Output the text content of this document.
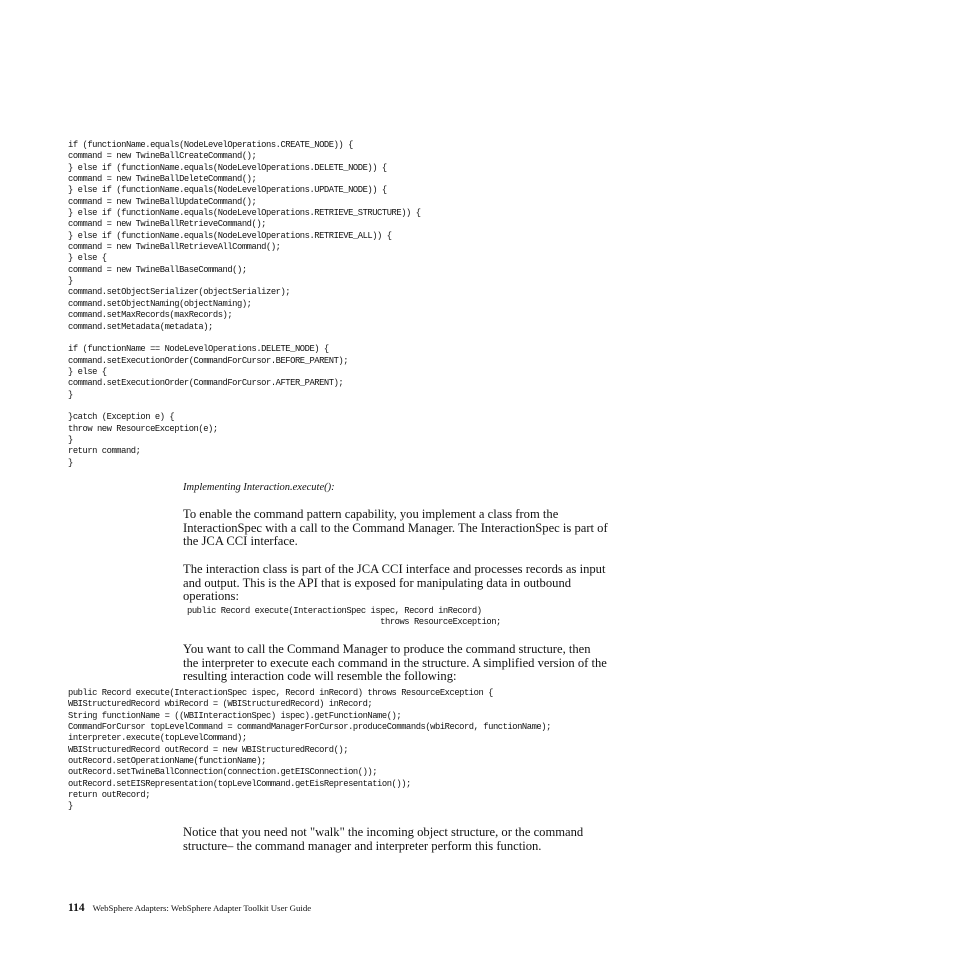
if (functionName.equals(NodeLevelOperations.CREATE_NODE)) {
command = new TwineBallCreateCommand();
} else if (functionName.equals(NodeLevelOperations.DELETE_NODE)) {
command = new TwineBallDeleteCommand();
} else if (functionName.equals(NodeLevelOperations.UPDATE_NODE)) {
command = new TwineBallUpdateCommand();
} else if (functionName.equals(NodeLevelOperations.RETRIEVE_STRUCTURE)) {
command = new TwineBallRetrieveCommand();
} else if (functionName.equals(NodeLevelOperations.RETRIEVE_ALL)) {
command = new TwineBallRetrieveAllCommand();
} else {
command = new TwineBallBaseCommand();
}
command.setObjectSerializer(objectSerializer);
command.setObjectNaming(objectNaming);
command.setMaxRecords(maxRecords);
command.setMetadata(metadata);

if (functionName == NodeLevelOperations.DELETE_NODE) {
command.setExecutionOrder(CommandForCursor.BEFORE_PARENT);
} else {
command.setExecutionOrder(CommandForCursor.AFTER_PARENT);
}

}catch (Exception e) {
throw new ResourceException(e);
}
return command;
}

Implementing Interaction.execute():

To enable the command pattern capability, you implement a class from the InteractionSpec with a call to the Command Manager. The InteractionSpec is part of the JCA CCI interface.

The interaction class is part of the JCA CCI interface and processes records as input and output. This is the API that is exposed for manipulating data in outbound operations:

public Record execute(InteractionSpec ispec, Record inRecord)
throws ResourceException;

You want to call the Command Manager to produce the command structure, then the interpreter to execute each command in the structure. A simplified version of the resulting interaction code will resemble the following:

public Record execute(InteractionSpec ispec, Record inRecord) throws ResourceException {
WBIStructuredRecord wbiRecord = (WBIStructuredRecord) inRecord;
String functionName = ((WBIInteractionSpec) ispec).getFunctionName();
CommandForCursor topLevelCommand = commandManagerForCursor.produceCommands(wbiRecord, functionName);
interpreter.execute(topLevelCommand);
WBIStructuredRecord outRecord = new WBIStructuredRecord();
outRecord.setOperationName(functionName);
outRecord.setTwineBallConnection(connection.getEISConnection());
outRecord.setEISRepresentation(topLevelCommand.getEisRepresentation());
return outRecord;
}

Notice that you need not "walk" the incoming object structure, or the command structure– the command manager and interpreter perform this function.

114 WebSphere Adapters: WebSphere Adapter Toolkit User Guide
